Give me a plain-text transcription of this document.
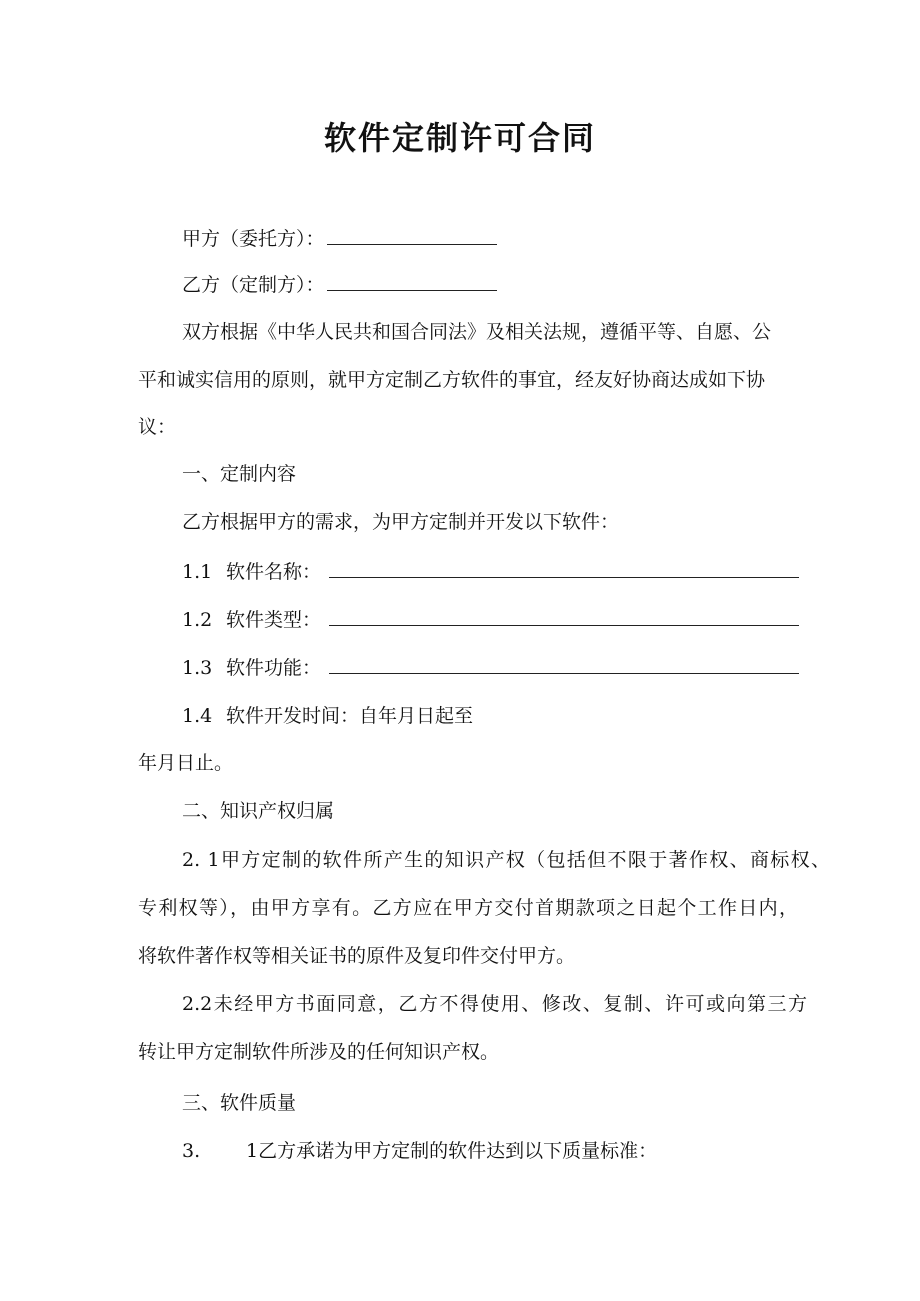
软件定制许可合同
甲方（委托方）：
乙方（定制方）：
双方根据《中华人民共和国合同法》及相关法规，遵循平等、自愿、公
平和诚实信用的原则，就甲方定制乙方软件的事宜，经友好协商达成如下协
议：
一、定制内容
乙方根据甲方的需求，为甲方定制并开发以下软件：
1.1 软件名称：
1.2 软件类型：
1.3 软件功能：
1.4 软件开发时间：自年月日起至
年月日止。
二、知识产权归属
2. 1甲方定制的软件所产生的知识产权（包括但不限于著作权、商标权、
专利权等），由甲方享有。乙方应在甲方交付首期款项之日起个工作日内，
将软件著作权等相关证书的原件及复印件交付甲方。
2.2未经甲方书面同意，乙方不得使用、修改、复制、许可或向第三方
转让甲方定制软件所涉及的任何知识产权。
三、软件质量
3. 1乙方承诺为甲方定制的软件达到以下质量标准：
